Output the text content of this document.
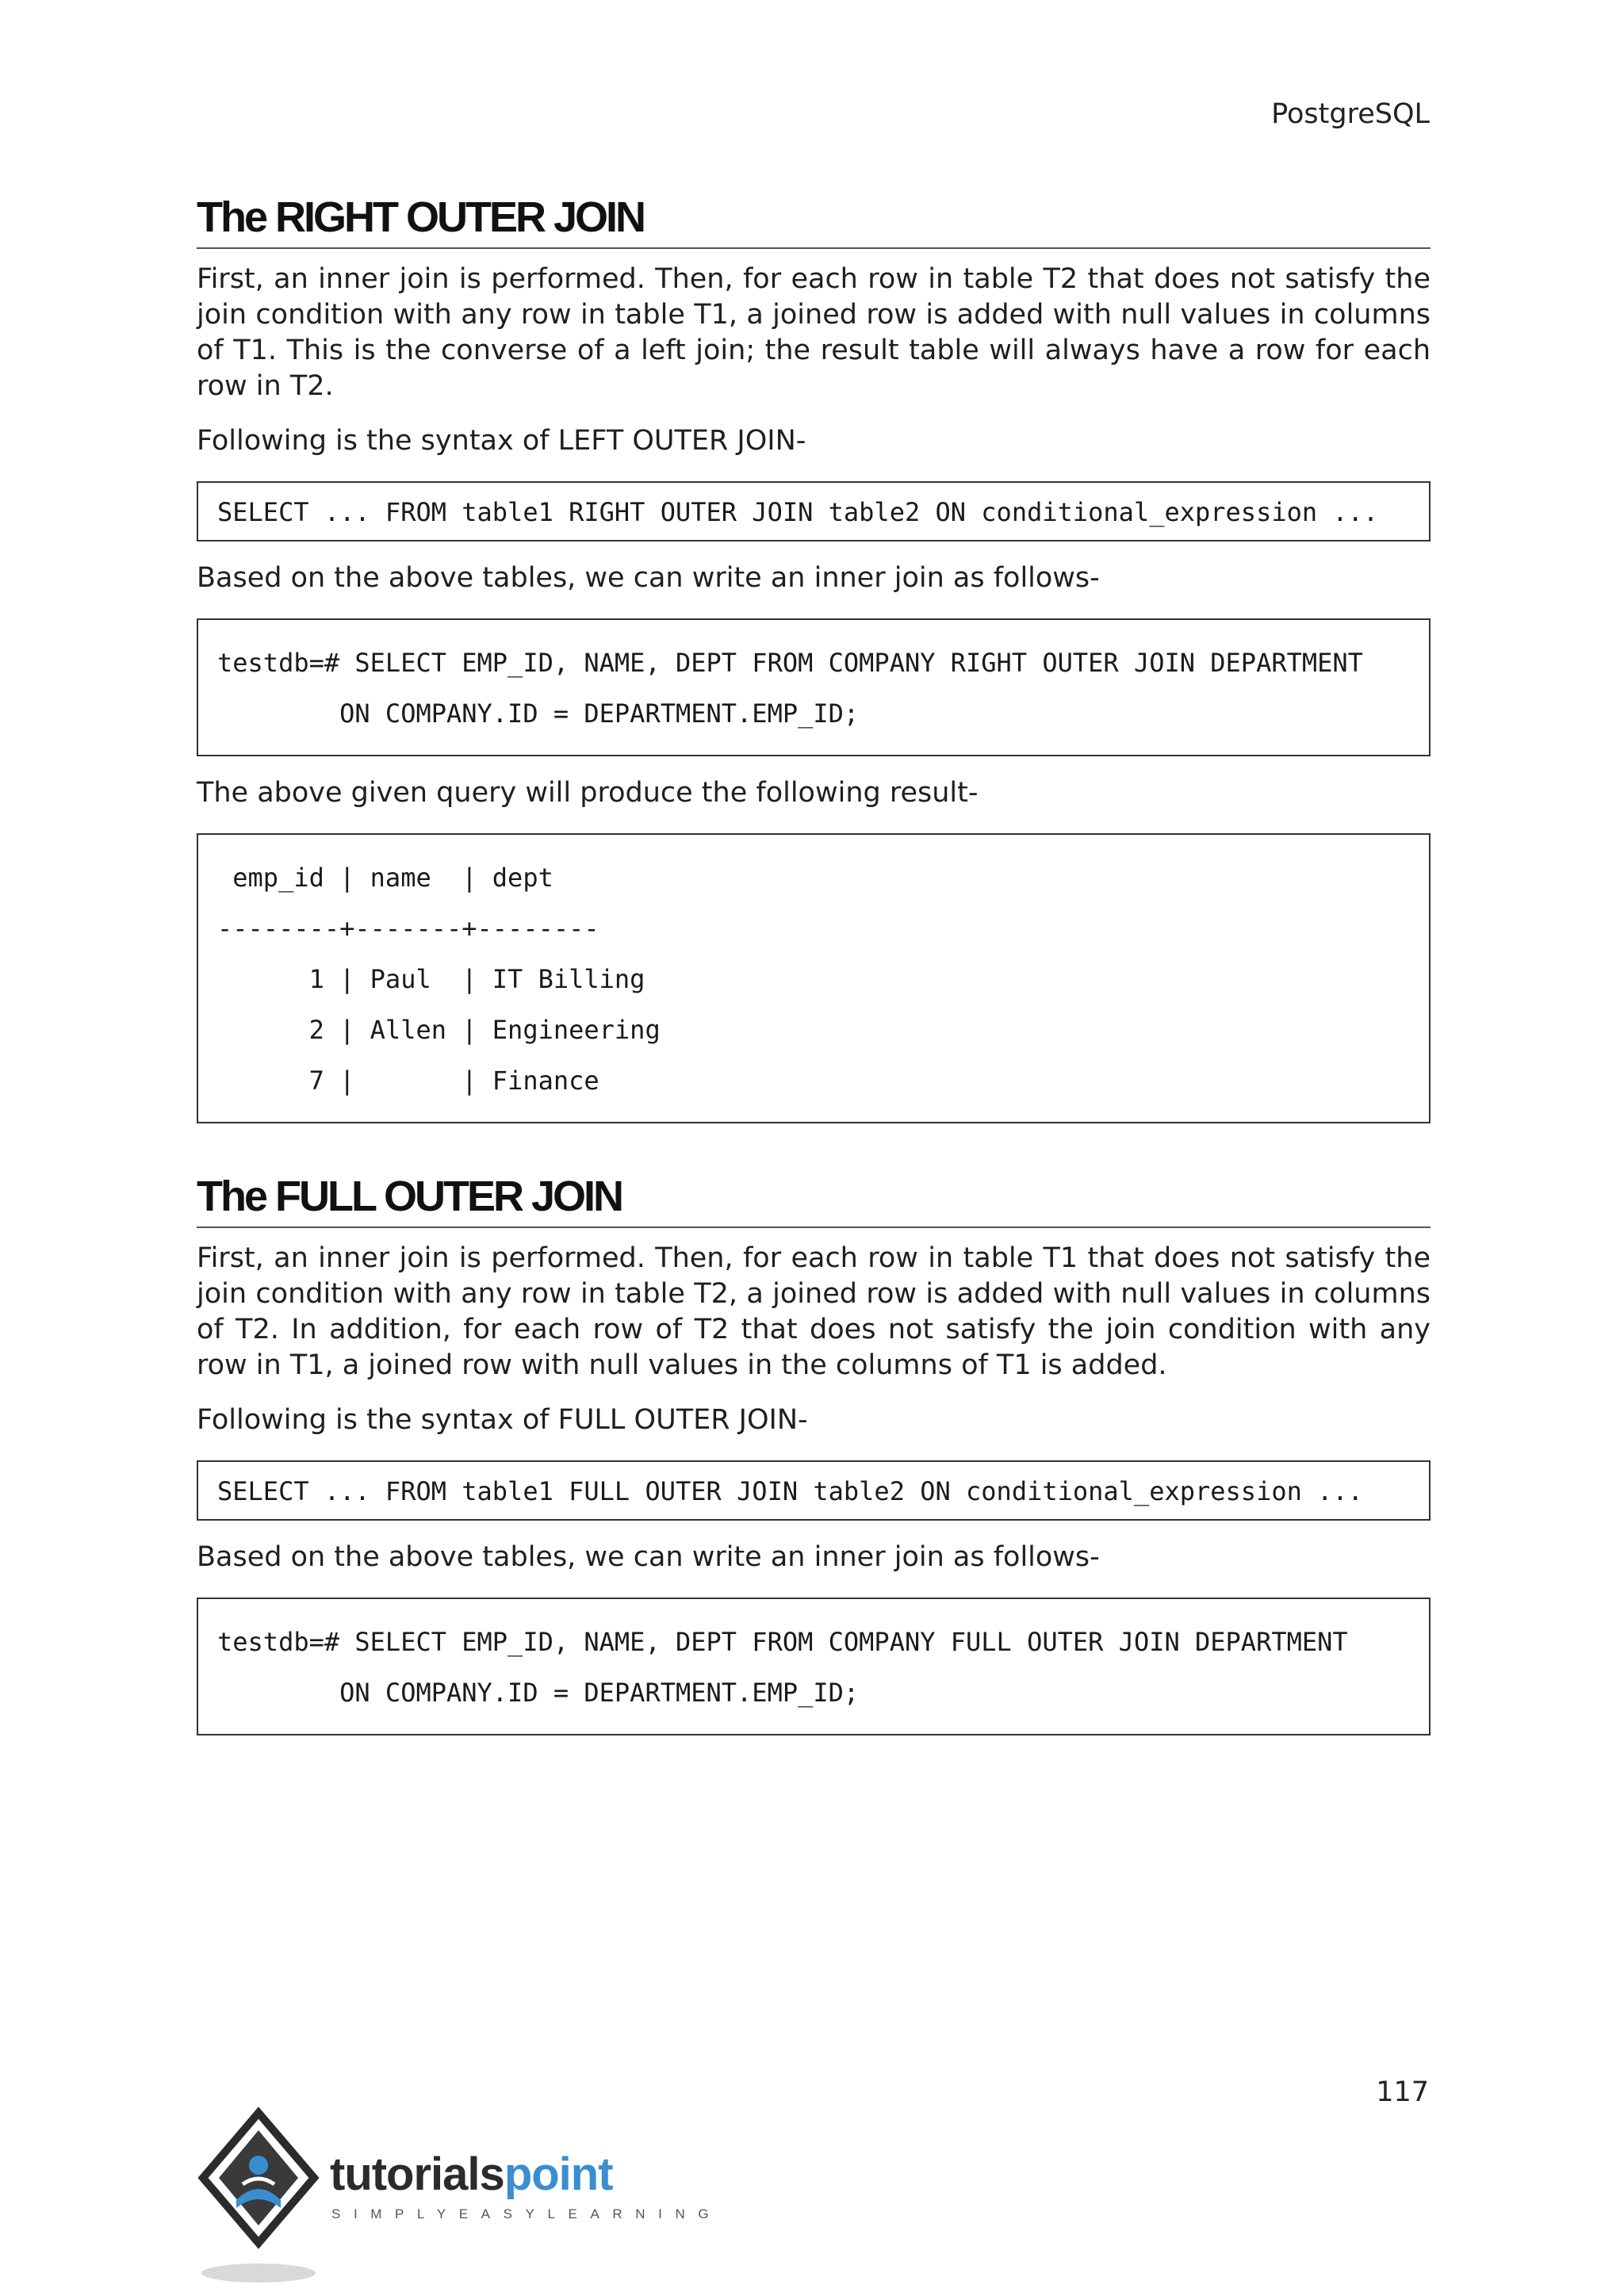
PostgreSQL
The RIGHT OUTER JOIN

First, an inner join is performed. Then, for each row in table T2 that does not satisfy the join condition with any row in table T1, a joined row is added with null values in columns of T1. This is the converse of a left join; the result table will always have a row for each row in T2.

Following is the syntax of LEFT OUTER JOIN-

SELECT ... FROM table1 RIGHT OUTER JOIN table2 ON conditional_expression ...

Based on the above tables, we can write an inner join as follows-

testdb=# SELECT EMP_ID, NAME, DEPT FROM COMPANY RIGHT OUTER JOIN DEPARTMENT
ON COMPANY.ID = DEPARTMENT.EMP_ID;

The above given query will produce the following result-

emp_id | name  | dept
--------+-------+--------
1 | Paul  | IT Billing
2 | Allen | Engineering
7 |       | Finance
The FULL OUTER JOIN

First, an inner join is performed. Then, for each row in table T1 that does not satisfy the join condition with any row in table T2, a joined row is added with null values in columns of T2. In addition, for each row of T2 that does not satisfy the join condition with any row in T1, a joined row with null values in the columns of T1 is added.

Following is the syntax of FULL OUTER JOIN-

SELECT ... FROM table1 FULL OUTER JOIN table2 ON conditional_expression ...

Based on the above tables, we can write an inner join as follows-

testdb=# SELECT EMP_ID, NAME, DEPT FROM COMPANY FULL OUTER JOIN DEPARTMENT
ON COMPANY.ID = DEPARTMENT.EMP_ID;
117
tutorialspoint
SIMPLYEASYLEARNING
